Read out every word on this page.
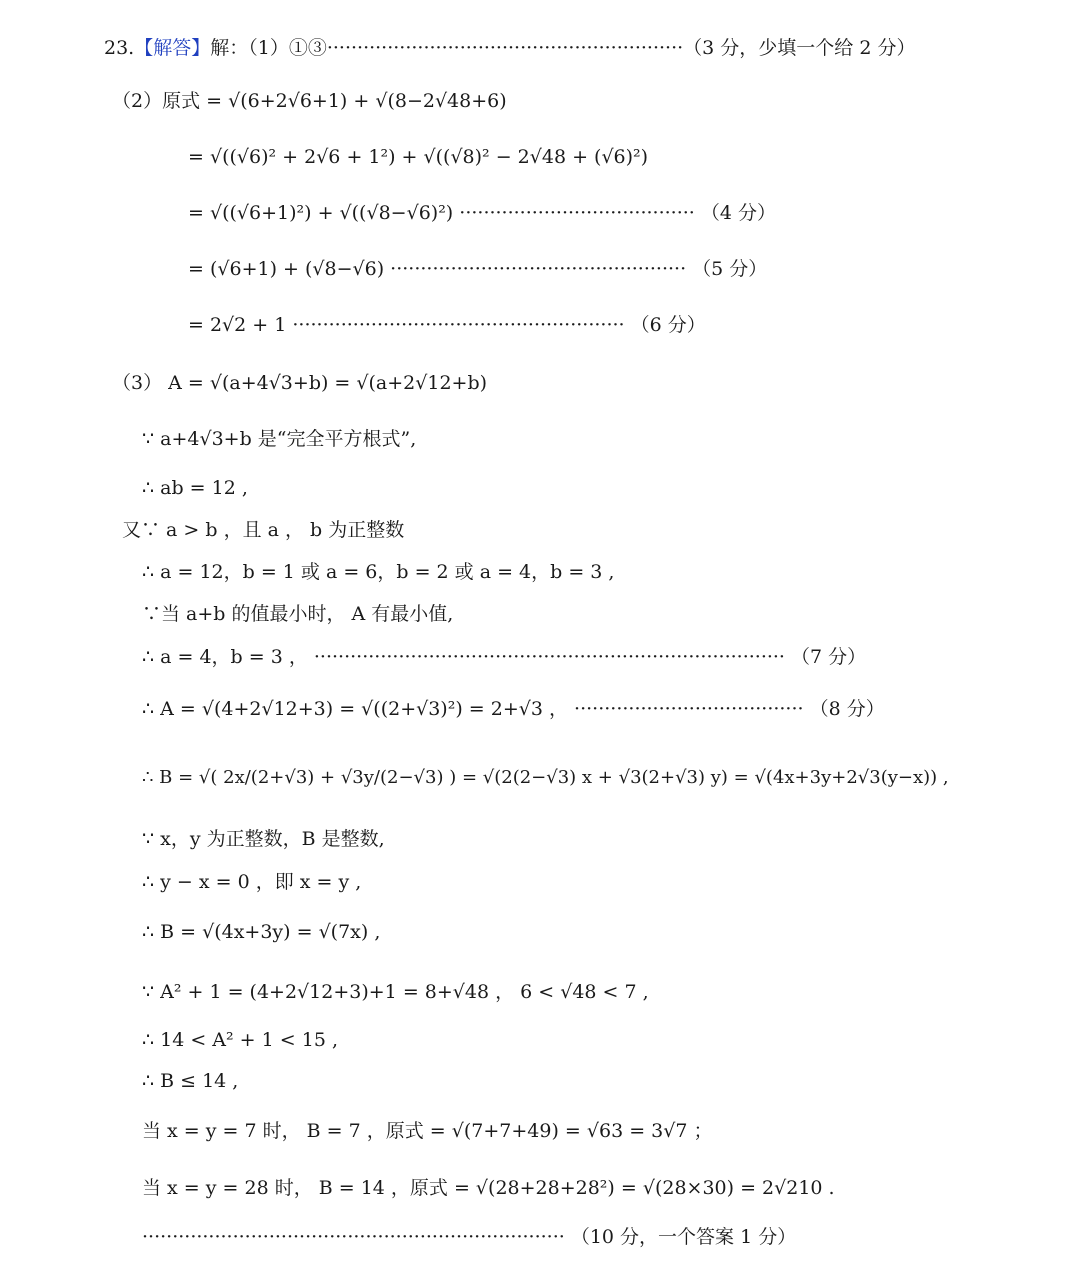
23.【解答】解：（1）①③···························································（3 分，少填一个给 2 分）
（2）原式 = √(6+2√6+1) + √(8−2√48+6)
= √((√6)² + 2√6 + 1²) + √((√8)² − 2√48 + (√6)²)
= √((√6+1)²) + √((√8−√6)²) ······································· （4 分）
= (√6+1) + (√8−√6) ················································· （5 分）
= 2√2 + 1 ······················································· （6 分）
（3） A = √(a+4√3+b) = √(a+2√12+b)
∵ a+4√3+b 是“完全平方根式”,
∴ ab = 12 ,
又∵ a > b ，且 a ， b 为正整数
∴ a = 12，b = 1 或 a = 6，b = 2 或 a = 4，b = 3 ,
∵当 a+b 的值最小时， A 有最小值,
∴ a = 4，b = 3 ， ·············································································· （7 分）
∴ A = √(4+2√12+3) = √((2+√3)²) = 2+√3 ， ······································ （8 分）
∴ B = √( 2x/(2+√3) + √3y/(2−√3) ) = √(2(2−√3) x + √3(2+√3) y) = √(4x+3y+2√3(y−x)) ,
∵ x，y 为正整数，B 是整数,
∴ y − x = 0 ，即 x = y ,
∴ B = √(4x+3y) = √(7x) ,
∵ A² + 1 = (4+2√12+3)+1 = 8+√48 ， 6 < √48 < 7 ,
∴ 14 < A² + 1 < 15 ,
∴ B ≤ 14 ,
当 x = y = 7 时， B = 7 ，原式 = √(7+7+49) = √63 = 3√7 ；
当 x = y = 28 时， B = 14 ，原式 = √(28+28+28²) = √(28×30) = 2√210 .
······································································ （10 分，一个答案 1 分）
